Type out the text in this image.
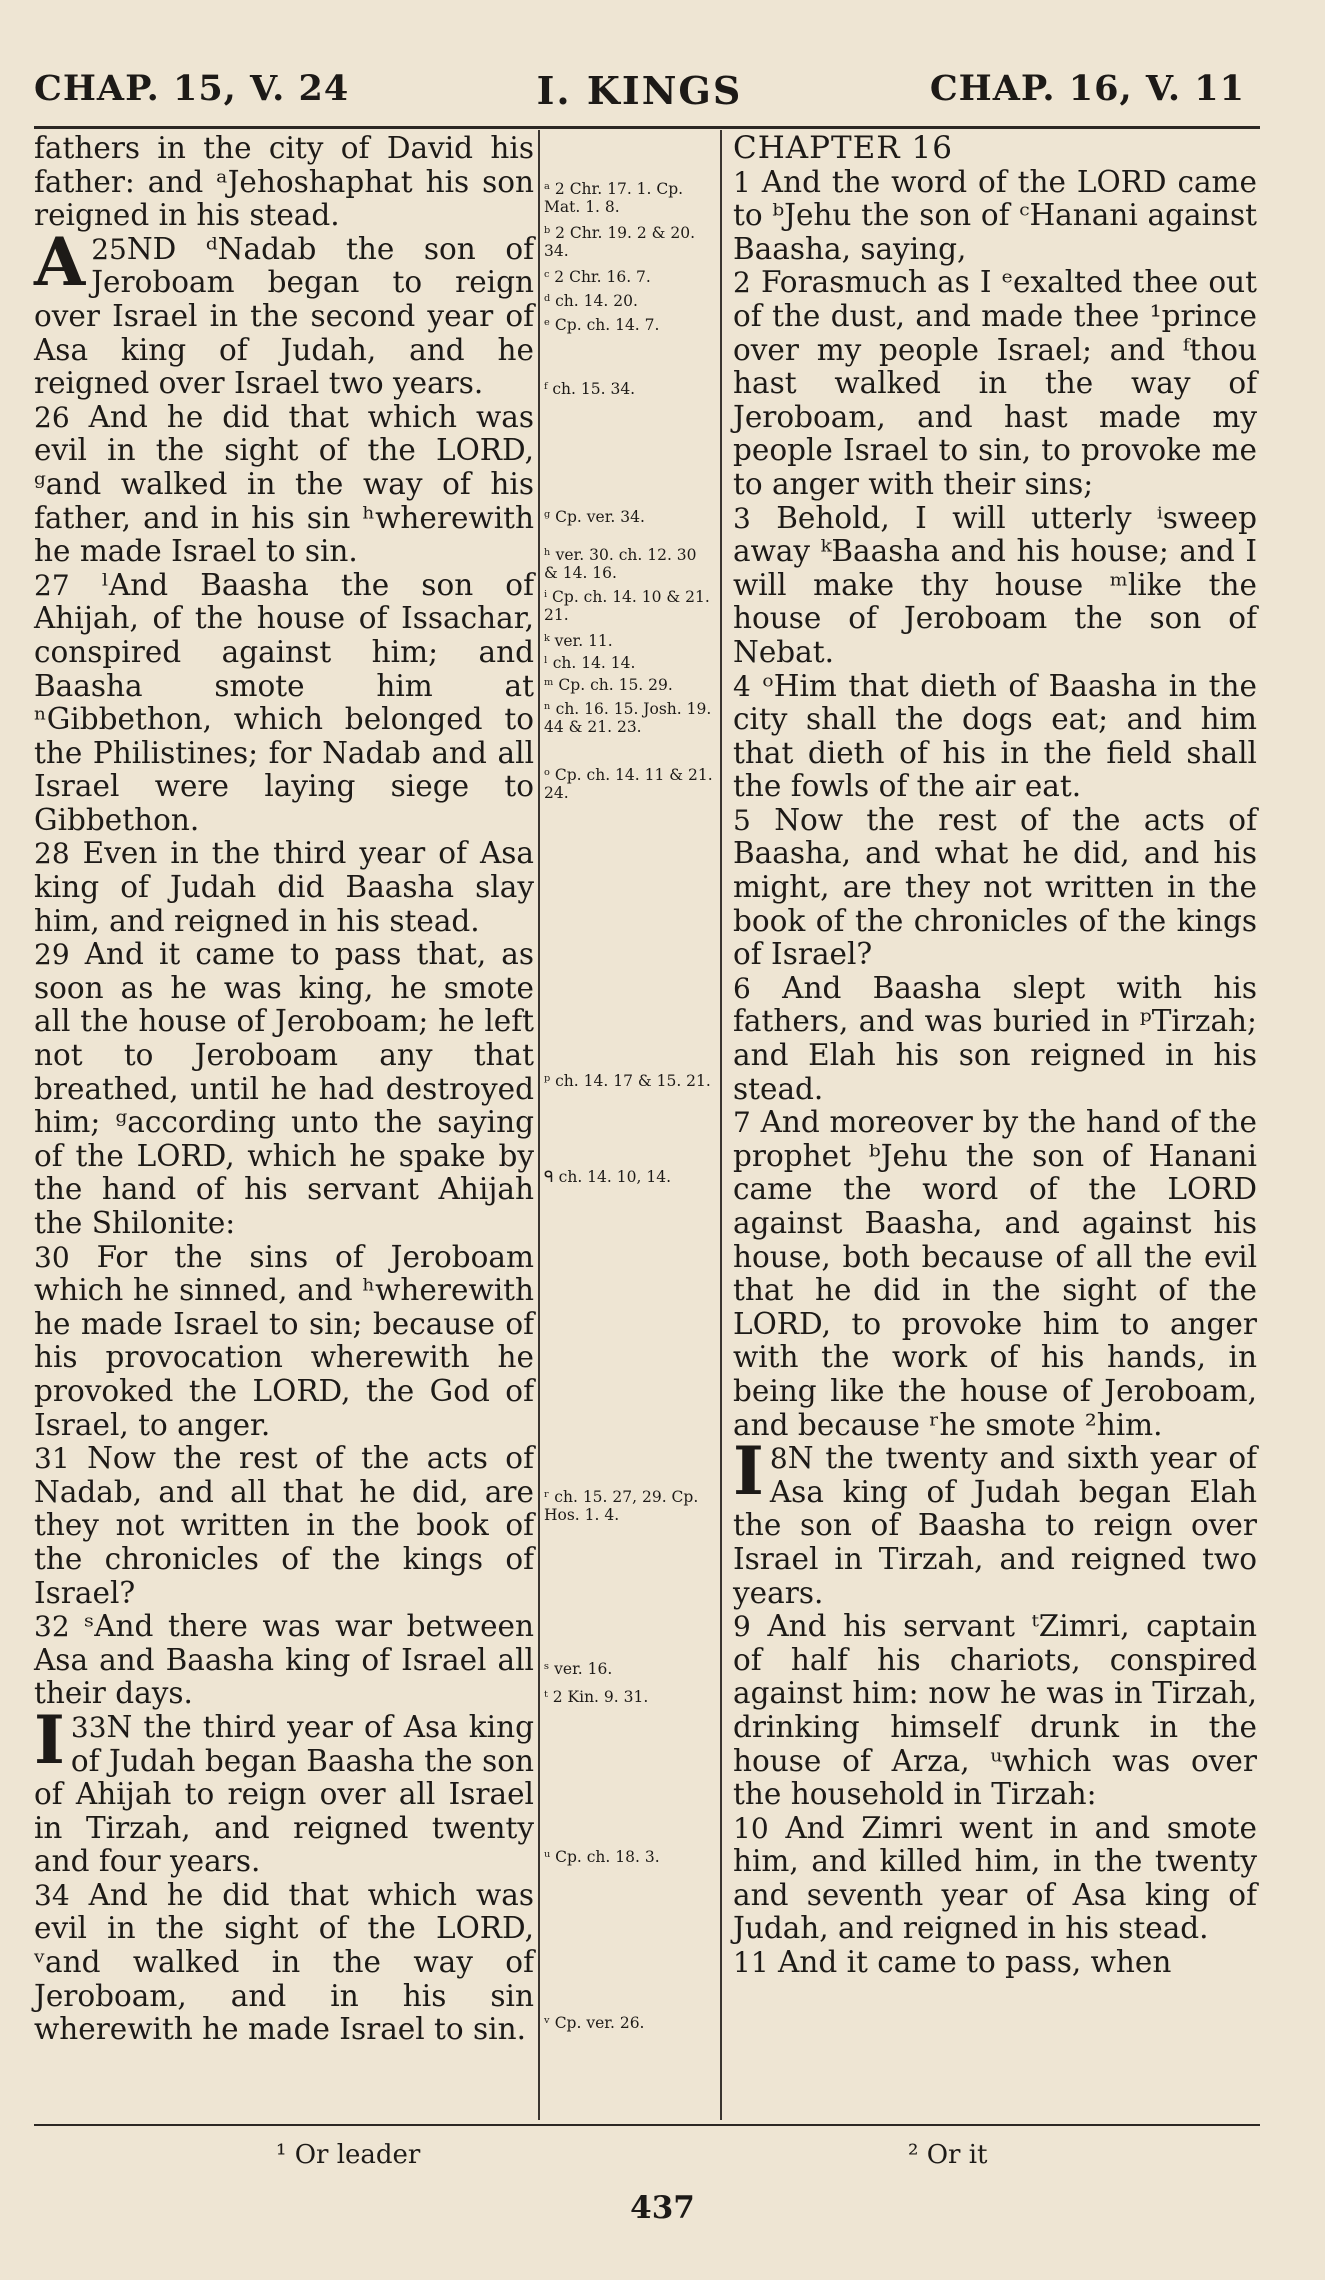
CHAP. 15, V. 24	I. KINGS	CHAP. 16, V. 11

fathers in the city of David his father: and ᵃJehoshaphat his son reigned in his stead.

25
A ND ᵈNadab the son of Jeroboam began to reign over Israel in the second year of Asa king of Judah, and he reigned over Israel two years.

26 And he did that which was evil in the sight of the LORD, ᵍand walked in the way of his father, and in his sin ʰwherewith he made Israel to sin.

27 ˡAnd Baasha the son of Ahijah, of the house of Issachar, conspired against him; and Baasha smote him at ⁿGibbethon, which belonged to the Philistines; for Nadab and all Israel were laying siege to Gibbethon.

28 Even in the third year of Asa king of Judah did Baasha slay him, and reigned in his stead.

29 And it came to pass that, as soon as he was king, he smote all the house of Jeroboam; he left not to Jeroboam any that breathed, until he had destroyed him; ᵍaccording unto the saying of the LORD, which he spake by the hand of his servant Ahijah the Shilonite:

30 For the sins of Jeroboam which he sinned, and ʰwherewith he made Israel to sin; because of his provocation wherewith he provoked the LORD, the God of Israel, to anger.

31 Now the rest of the acts of Nadab, and all that he did, are they not written in the book of the chronicles of the kings of Israel?

32 ˢAnd there was war between Asa and Baasha king of Israel all their days.

33
I N the third year of Asa king of Judah began Baasha the son of Ahijah to reign over all Israel in Tirzah, and reigned twenty and four years.

34 And he did that which was evil in the sight of the LORD, ᵛand walked in the way of Jeroboam, and in his sin wherewith he made Israel to sin.

ᵃ 2 Chr. 17. 1. Cp. Mat. 1. 8.
ᵇ 2 Chr. 19. 2 & 20. 34.
ᶜ 2 Chr. 16. 7.
ᵈ ch. 14. 20.
ᵉ Cp. ch. 14. 7.
ᶠ ch. 15. 34.
ᵍ Cp. ver. 34.
ʰ ver. 30. ch. 12. 30 & 14. 16.
ⁱ Cp. ch. 14. 10 & 21. 21.
ᵏ ver. 11.
ˡ ch. 14. 14.
ᵐ Cp. ch. 15. 29.
ⁿ ch. 16. 15. Josh. 19. 44 & 21. 23.
ᵒ Cp. ch. 14. 11 & 21. 24.
ᵖ ch. 14. 17 & 15. 21.
ᑫ ch. 14. 10, 14.
ʳ ch. 15. 27, 29. Cp. Hos. 1. 4.
ˢ ver. 16.
ᵗ 2 Kin. 9. 31.
ᵘ Cp. ch. 18. 3.
ᵛ Cp. ver. 26.

CHAPTER 16

1 And the word of the LORD came to ᵇJehu the son of ᶜHanani against Baasha, saying,

2 Forasmuch as I ᵉexalted thee out of the dust, and made thee ¹prince over my people Israel; and ᶠthou hast walked in the way of Jeroboam, and hast made my people Israel to sin, to provoke me to anger with their sins;

3 Behold, I will utterly ⁱsweep away ᵏBaasha and his house; and I will make thy house ᵐlike the house of Jeroboam the son of Nebat.

4 ᵒHim that dieth of Baasha in the city shall the dogs eat; and him that dieth of his in the field shall the fowls of the air eat.

5 Now the rest of the acts of Baasha, and what he did, and his might, are they not written in the book of the chronicles of the kings of Israel?

6 And Baasha slept with his fathers, and was buried in ᵖTirzah; and Elah his son reigned in his stead.

7 And moreover by the hand of the prophet ᵇJehu the son of Hanani came the word of the LORD against Baasha, and against his house, both because of all the evil that he did in the sight of the LORD, to provoke him to anger with the work of his hands, in being like the house of Jeroboam, and because ʳhe smote ²him.

8
I N the twenty and sixth year of Asa king of Judah began Elah the son of Baasha to reign over Israel in Tirzah, and reigned two years.

9 And his servant ᵗZimri, captain of half his chariots, conspired against him: now he was in Tirzah, drinking himself drunk in the house of Arza, ᵘwhich was over the household in Tirzah:

10 And Zimri went in and smote him, and killed him, in the twenty and seventh year of Asa king of Judah, and reigned in his stead.

11 And it came to pass, when

¹ Or leader	² Or it
437
